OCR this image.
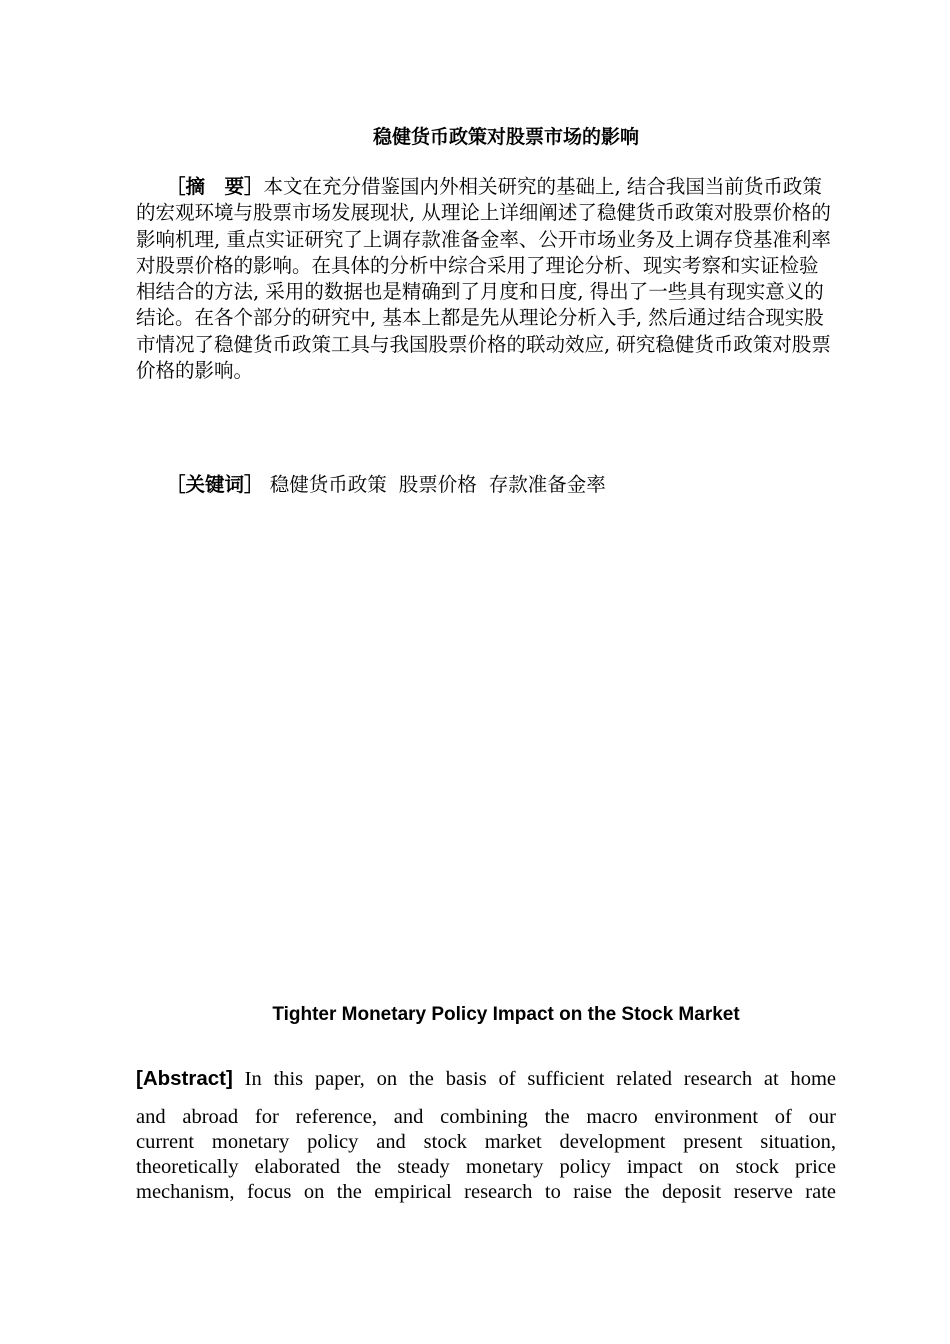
稳健货币政策对股票市场的影响

［摘　要］本文在充分借鉴国内外相关研究的基础上, 结合我国当前货币政策的宏观环境与股票市场发展现状, 从理论上详细阐述了稳健货币政策对股票价格的影响机理, 重点实证研究了上调存款准备金率、公开市场业务及上调存贷基准利率对股票价格的影响。在具体的分析中综合采用了理论分析、现实考察和实证检验相结合的方法, 采用的数据也是精确到了月度和日度, 得出了一些具有现实意义的结论。在各个部分的研究中, 基本上都是先从理论分析入手, 然后通过结合现实股市情况了稳健货币政策工具与我国股票价格的联动效应, 研究稳健货币政策对股票价格的影响。

［关键词］ 稳健货币政策 股票价格 存款准备金率

Tighter Monetary Policy Impact on the Stock Market

[Abstract] In this paper, on the basis of sufficient related research at home
and abroad for reference, and combining the macro environment of our
current monetary policy and stock market development present situation,
theoretically elaborated the steady monetary policy impact on stock price
mechanism, focus on the empirical research to raise the deposit reserve rate
